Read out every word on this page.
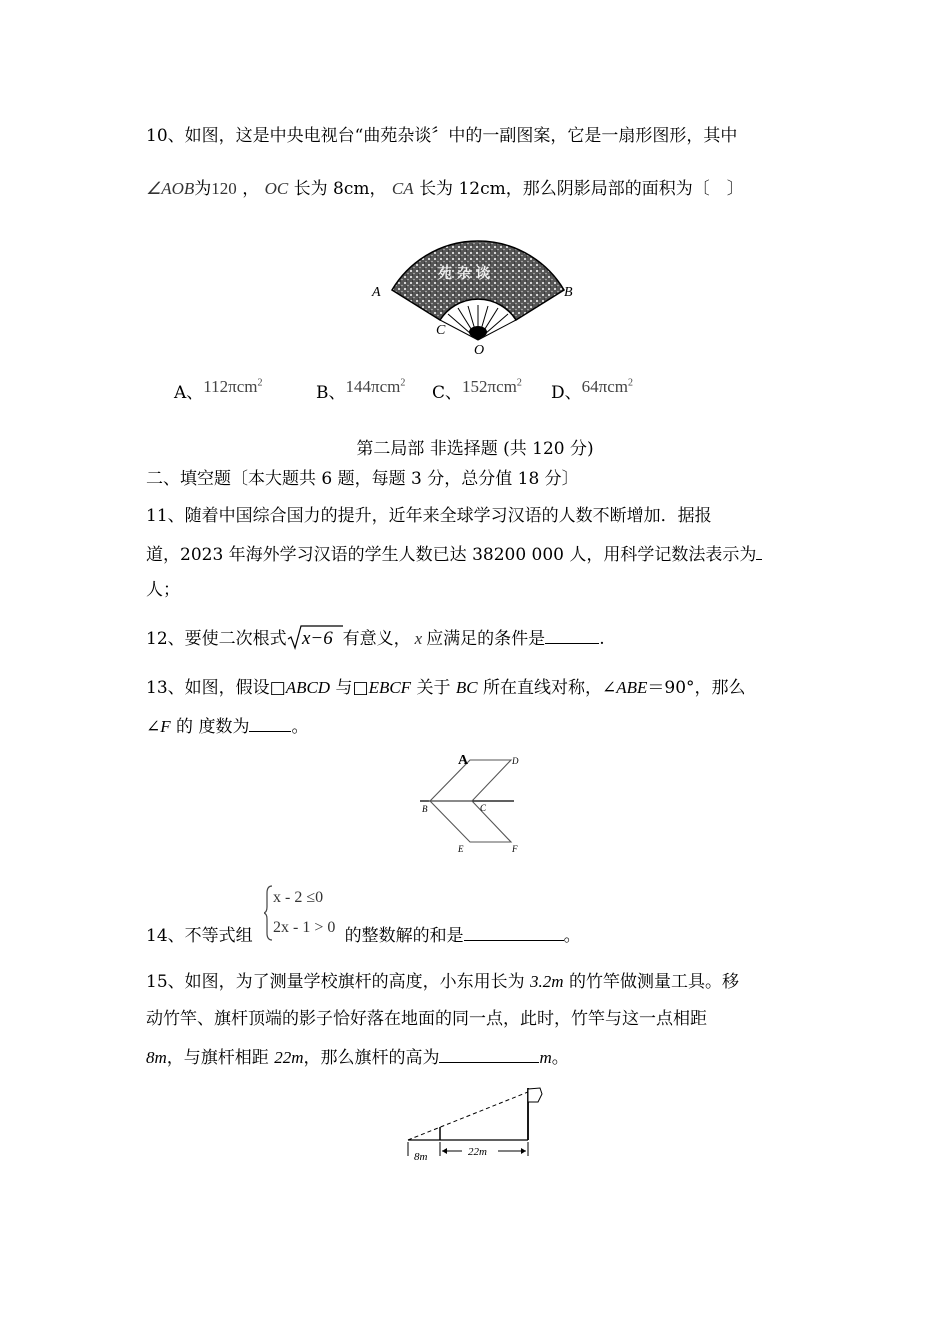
10、如图，这是中央电视台“曲苑杂谈〞中的一副图案，它是一扇形图形，其中
∠AOB为120 ， OC 长为 8cm， CA 长为 12cm，那么阴影局部的面积为〔　〕
苑 杂 谈
A	B
C
O
A、112πcm$^2$
B、144πcm$^2$
C、152πcm$^2$
D、64πcm$^2$
第二局部 非选择题 (共 120 分)
二、填空题〔本大题共 6 题，每题 3 分，总分值 18 分〕
11、随着中国综合国力的提升，近年来全球学习汉语的人数不断增加．据报
道，2023 年海外学习汉语的学生人数已达 38200 000 人，用科学记数法表示为
人；
12、要使二次根式 x−6 有意义， x 应满足的条件是	.
13、如图，假设□ABCD 与□EBCF 关于 BC 所在直线对称，∠ABE＝90°，那么
∠F 的 度数为 。
A	D
B	C
E	F
14、不等式组	的整数解的和是	。
x - 2 ≤0
2x - 1 > 0
15、如图，为了测量学校旗杆的高度，小东用长为 3.2m 的竹竿做测量工具。移
动竹竿、旗杆顶端的影子恰好落在地面的同一点，此时，竹竿与这一点相距
8m，与旗杆相距 22m，那么旗杆的高为	m。
8m	22m
